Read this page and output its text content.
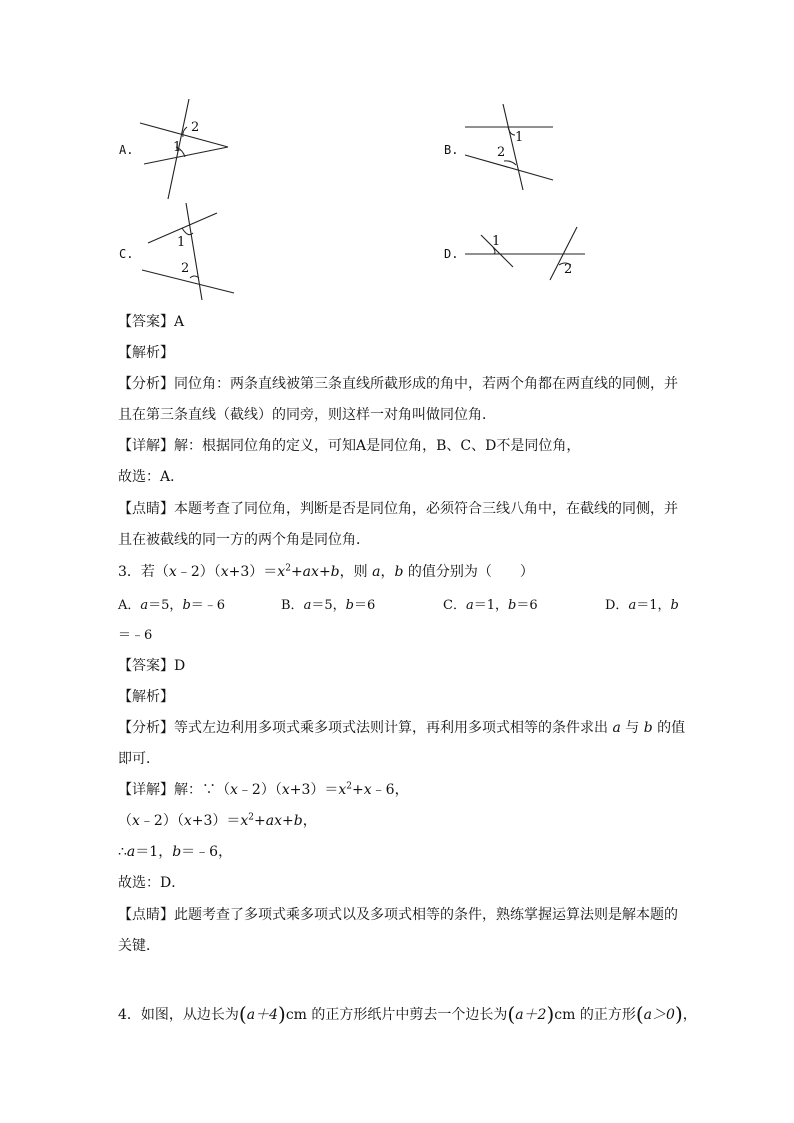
A.
2
1	B.
1
2
C.
1
2
D.
1
2
【答案】A
【解析】
【分析】同位角：两条直线被第三条直线所截形成的角中，若两个角都在两直线的同侧，并
且在第三条直线（截线）的同旁，则这样一对角叫做同位角．
【详解】解：根据同位角的定义，可知A是同位角，B、C、D不是同位角，
故选：A．
【点睛】本题考查了同位角，判断是否是同位角，必须符合三线八角中，在截线的同侧，并
且在被截线的同一方的两个角是同位角．
3．若$(x﹣2)(x+3)=x^2+ax+b$，则 a，b 的值分别为（　　）
A．a＝5，b＝﹣6	B．a＝5，b＝6	C．a＝1，b＝6	D．a＝1，b
＝﹣6
【答案】D
【解析】
【分析】等式左边利用多项式乘多项式法则计算，再利用多项式相等的条件求出 a 与 b 的值
即可．
【详解】解：$\because(x﹣2)(x+3)=x^2+x﹣6$，
$(x﹣2)(x+3)=x^2+ax+b$，
∴a＝1，b＝﹣6，
故选：D．
【点睛】此题考查了多项式乘多项式以及多项式相等的条件，熟练掌握运算法则是解本题的
关键．
4．如图，从边长为(a＋4)cm 的正方形纸片中剪去一个边长为(a＋2)cm 的正方形(a＞0)，
